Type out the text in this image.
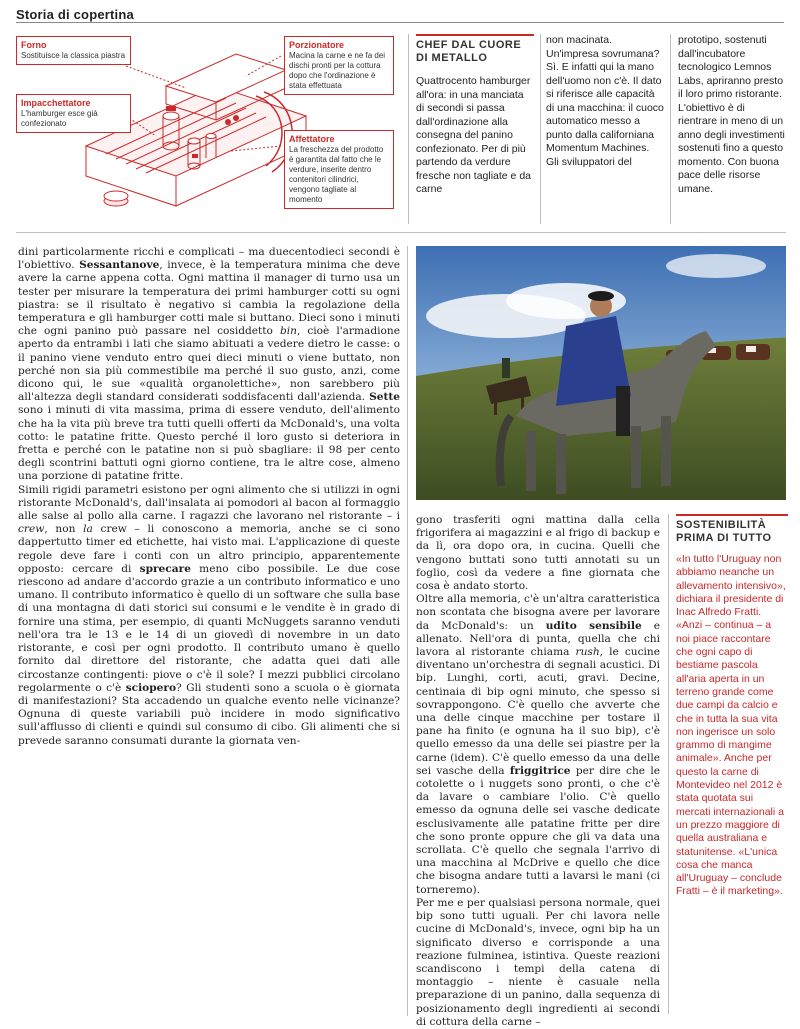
Storia di copertina
Forno
Sostituisce la classica piastra
Impacchettatore
L'hamburger esce già confezionato
Porzionatore
Macina la carne e ne fa dei dischi pronti per la cottura dopo che l'ordinazione è stata effettuata
Affettatore
La freschezza del prodotto è garantita dal fatto che le verdure, inserite dentro contenitori cilindrici, vengono tagliate al momento
CHEF DAL CUORE DI METALLO
Quattrocento hamburger all'ora: in una manciata di secondi si passa dall'ordinazione alla consegna del panino confezionato. Per di più partendo da verdure fresche non tagliate e da carne
non macinata. Un'impresa sovrumana? Sì. E infatti qui la mano dell'uomo non c'è. Il dato si riferisce alle capacità di una macchina: il cuoco automatico messo a punto dalla californiana Momentum Machines. Gli sviluppatori del
prototipo, sostenuti dall'incubatore tecnologico Lemnos Labs, apriranno presto il loro primo ristorante. L'obiettivo è di rientrare in meno di un anno degli investimenti sostenuti fino a questo momento. Con buona pace delle risorse umane.

dini particolarmente ricchi e complicati – ma duecentodieci secondi è l'obiettivo. Sessantanove, invece, è la temperatura minima che deve avere la carne appena cotta. Ogni mattina il manager di turno usa un tester per misurare la temperatura dei primi hamburger cotti su ogni piastra: se il risultato è negativo si cambia la regolazione della temperatura e gli hamburger cotti male si buttano. Dieci sono i minuti che ogni panino può passare nel cosiddetto bin, cioè l'armadione aperto da entrambi i lati che siamo abituati a vedere dietro le casse: o il panino viene venduto entro quei dieci minuti o viene buttato, non perché non sia più commestibile ma perché il suo gusto, anzi, come dicono qui, le sue «qualità organolettiche», non sarebbero più all'altezza degli standard considerati soddisfacenti dall'azienda. Sette sono i minuti di vita massima, prima di essere venduto, dell'alimento che ha la vita più breve tra tutti quelli offerti da McDonald's, una volta cotto: le patatine fritte. Questo perché il loro gusto si deteriora in fretta e perché con le patatine non si può sbagliare: il 98 per cento degli scontrini battuti ogni giorno contiene, tra le altre cose, almeno una porzione di patatine fritte.

Simili rigidi parametri esistono per ogni alimento che si utilizzi in ogni ristorante McDonald's, dall'insalata ai pomodori al bacon al formaggio alle salse al pollo alla carne. I ragazzi che lavorano nel ristorante – i crew, non la crew – li conoscono a memoria, anche se ci sono dappertutto timer ed etichette, hai visto mai. L'applicazione di queste regole deve fare i conti con un altro principio, apparentemente opposto: cercare di sprecare meno cibo possibile. Le due cose riescono ad andare d'accordo grazie a un contributo informatico e uno umano. Il contributo informatico è quello di un software che sulla base di una montagna di dati storici sui consumi e le vendite è in grado di fornire una stima, per esempio, di quanti McNuggets saranno venduti nell'ora tra le 13 e le 14 di un giovedì di novembre in un dato ristorante, e così per ogni prodotto. Il contributo umano è quello fornito dal direttore del ristorante, che adatta quei dati alle circostanze contingenti: piove o c'è il sole? I mezzi pubblici circolano regolarmente o c'è sciopero? Gli studenti sono a scuola o è giornata di manifestazioni? Sta accadendo un qualche evento nelle vicinanze? Ognuna di queste variabili può incidere in modo significativo sull'afflusso di clienti e quindi sul consumo di cibo. Gli alimenti che si prevede saranno consumati durante la giornata ven-

gono trasferiti ogni mattina dalla cella frigorifera ai magazzini e al frigo di backup e da lì, ora dopo ora, in cucina. Quelli che vengono buttati sono tutti annotati su un foglio, così da vedere a fine giornata che cosa è andato storto.

Oltre alla memoria, c'è un'altra caratteristica non scontata che bisogna avere per lavorare da McDonald's: un udito sensibile e allenato. Nell'ora di punta, quella che chi lavora al ristorante chiama rush, le cucine diventano un'orchestra di segnali acustici. Di bip. Lunghi, corti, acuti, gravi. Decine, centinaia di bip ogni minuto, che spesso si sovrappongono. C'è quello che avverte che una delle cinque macchine per tostare il pane ha finito (e ognuna ha il suo bip), c'è quello emesso da una delle sei piastre per la carne (idem). C'è quello emesso da una delle sei vasche della friggitrice per dire che le cotolette o i nuggets sono pronti, o che c'è da lavare o cambiare l'olio. C'è quello emesso da ognuna delle sei vasche dedicate esclusivamente alle patatine fritte per dire che sono pronte oppure che gli va data una scrollata. C'è quello che segnala l'arrivo di una macchina al McDrive e quello che dice che bisogna andare tutti a lavarsi le mani (ci torneremo).

Per me e per qualsiasi persona normale, quei bip sono tutti uguali. Per chi lavora nelle cucine di McDonald's, invece, ogni bip ha un significato diverso e corrisponde a una reazione fulminea, istintiva. Queste reazioni scandiscono i tempi della catena di montaggio – niente è casuale nella preparazione di un panino, dalla sequenza di posizionamento degli ingredienti ai secondi di cottura della carne –

SOSTENIBILITÀ PRIMA DI TUTTO
«In tutto l'Uruguay non abbiamo neanche un allevamento intensivo», dichiara il presidente di Inac Alfredo Fratti. «Anzi – continua – a noi piace raccontare che ogni capo di bestiame pascola all'aria aperta in un terreno grande come due campi da calcio e che in tutta la sua vita non ingerisce un solo grammo di mangime animale». Anche per questo la carne di Montevideo nel 2012 è stata quotata sui mercati internazionali a un prezzo maggiore di quella australiana e statunitense. «L'unica cosa che manca all'Uruguay – conclude Fratti – è il marketing».
